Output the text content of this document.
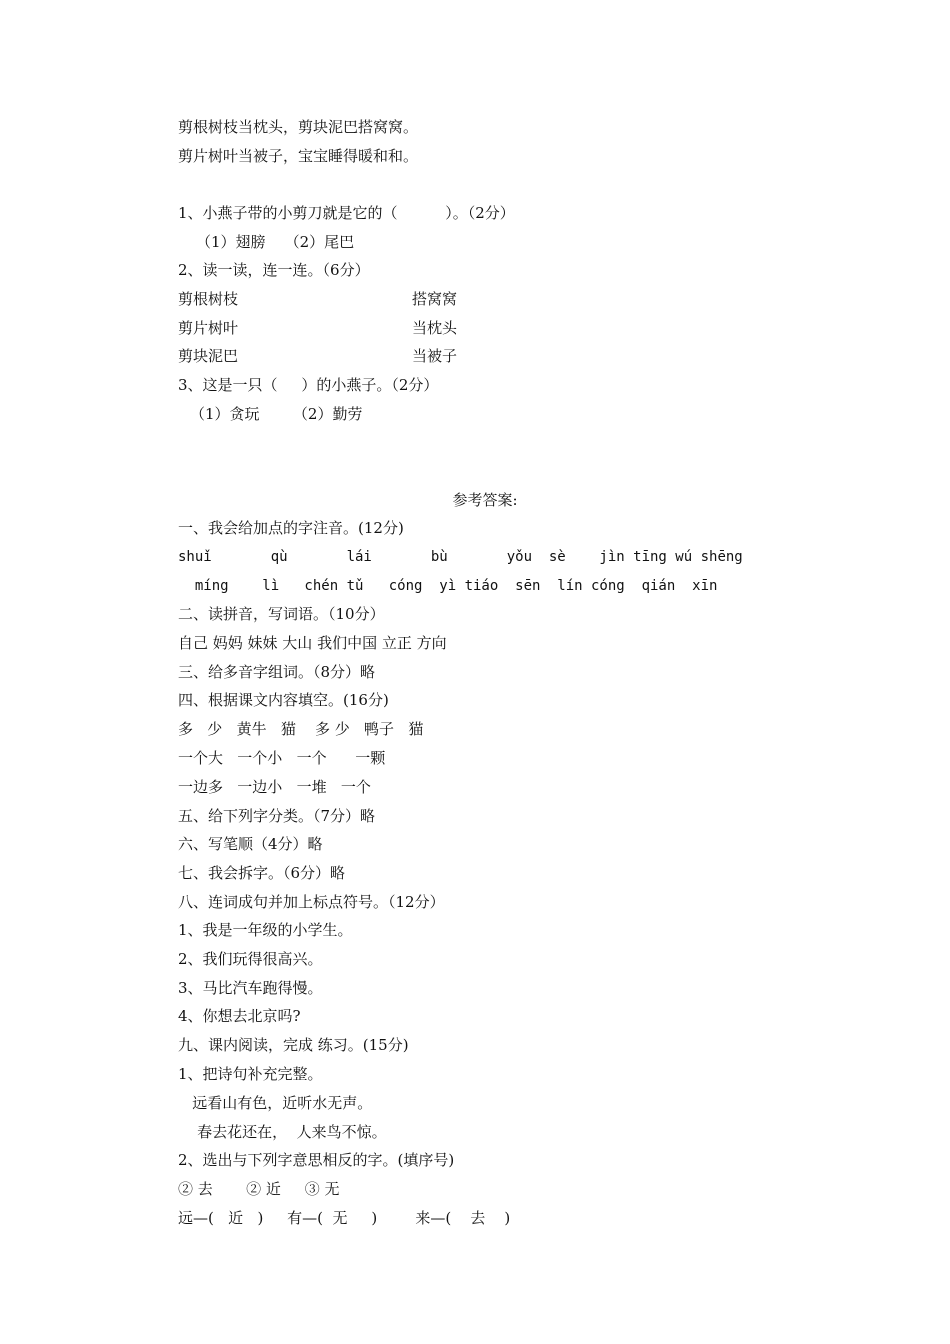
剪根树枝当枕头，剪块泥巴搭窝窝。
剪片树叶当被子，宝宝睡得暖和和。
1、小燕子带的小剪刀就是它的（          ）。（2分）
（1）翅膀    （2）尾巴
2、读一读，连一连。（6分）
剪根树枝	搭窝窝
剪片树叶	当枕头
剪块泥巴	当被子
3、这是一只（     ）的小燕子。（2分）
（1）贪玩       （2）勤劳
参考答案:
一、我会给加点的字注音。(12分)
shuǐ       qù       lái       bù       yǒu  sè    jìn tīng wú shēng
míng    lì   chén tǔ   cóng  yì tiáo  sēn  lín cóng  qián  xīn
二、读拼音，写词语。（10分）
自己 妈妈 妹妹 大山 我们中国 立正 方向
三、给多音字组词。（8分）略
四、根据课文内容填空。(16分)
多   少   黄牛   猫    多 少   鸭子   猫
一个大   一个小   一个      一颗
一边多   一边小   一堆   一个
五、给下列字分类。（7分）略
六、写笔顺（4分）略
七、我会拆字。（6分）略
八、连词成句并加上标点符号。（12分）
1、我是一年级的小学生。
2、我们玩得很高兴。
3、马比汽车跑得慢。
4、你想去北京吗?
九、课内阅读，完成 练习。(15分)
1、把诗句补充完整。
远看山有色，近听水无声。
春去花还在，  人来鸟不惊。
2、选出与下列字意思相反的字。(填序号)
② 去       ② 近     ③ 无
远—(   近   )     有—(  无     )        来—(    去    )
